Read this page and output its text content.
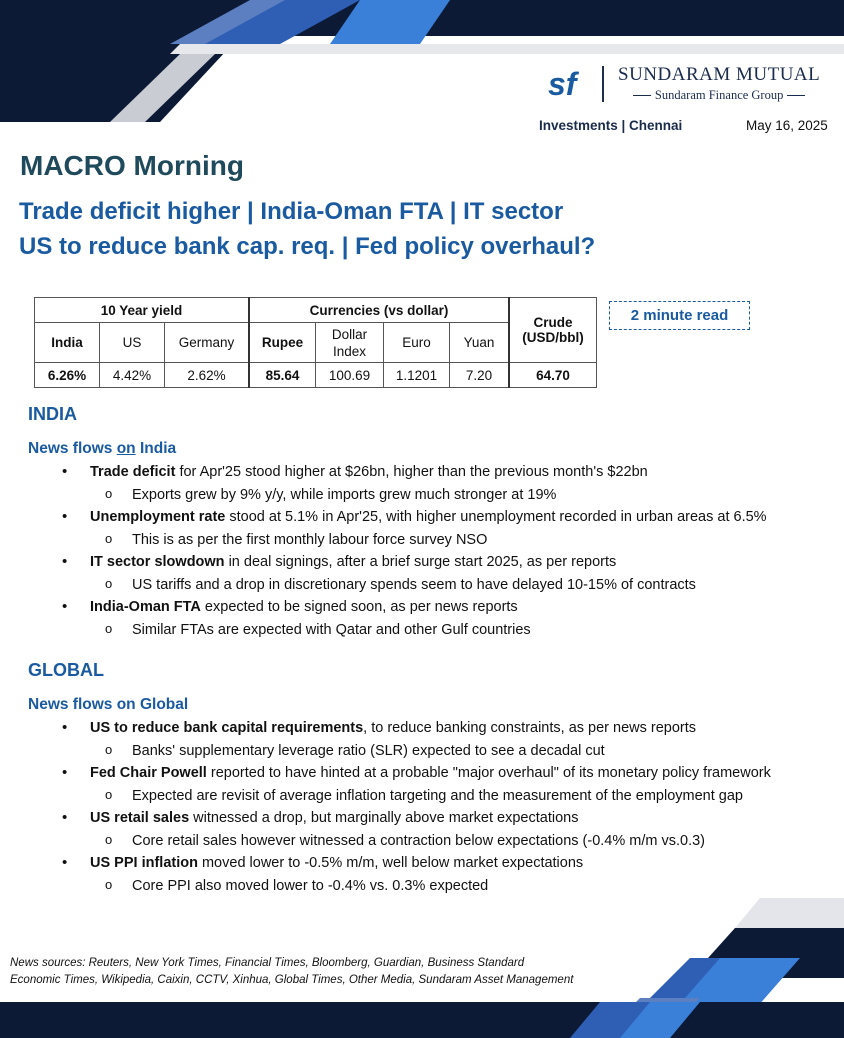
sf SUNDARAM MUTUAL
Sundaram Finance Group
Investments | Chennai	May 16, 2025
MACRO Morning
Trade deficit higher | India-Oman FTA | IT sector
US to reduce bank cap. req. | Fed policy overhaul?
10 Year yield			Currencies (vs dollar)				Crude (USD/bbl)
India	US	Germany	Rupee	Dollar Index	Euro	Yuan	
6.26%	4.42%	2.62%	85.64	100.69	1.1201	7.20	64.70
2 minute read
INDIA
News flows on India
• Trade deficit for Apr'25 stood higher at $26bn, higher than the previous month's $22bn
o Exports grew by 9% y/y, while imports grew much stronger at 19%
• Unemployment rate stood at 5.1% in Apr'25, with higher unemployment recorded in urban areas at 6.5%
o This is as per the first monthly labour force survey NSO
• IT sector slowdown in deal signings, after a brief surge start 2025, as per reports
o US tariffs and a drop in discretionary spends seem to have delayed 10-15% of contracts
• India-Oman FTA expected to be signed soon, as per news reports
o Similar FTAs are expected with Qatar and other Gulf countries
GLOBAL
News flows on Global
• US to reduce bank capital requirements, to reduce banking constraints, as per news reports
o Banks' supplementary leverage ratio (SLR) expected to see a decadal cut
• Fed Chair Powell reported to have hinted at a probable "major overhaul" of its monetary policy framework
o Expected are revisit of average inflation targeting and the measurement of the employment gap
• US retail sales witnessed a drop, but marginally above market expectations
o Core retail sales however witnessed a contraction below expectations (-0.4% m/m vs.0.3)
• US PPI inflation moved lower to -0.5% m/m, well below market expectations
o Core PPI also moved lower to -0.4% vs. 0.3% expected
News sources: Reuters, New York Times, Financial Times, Bloomberg, Guardian, Business Standard
Economic Times, Wikipedia, Caixin, CCTV, Xinhua, Global Times, Other Media, Sundaram Asset Management
